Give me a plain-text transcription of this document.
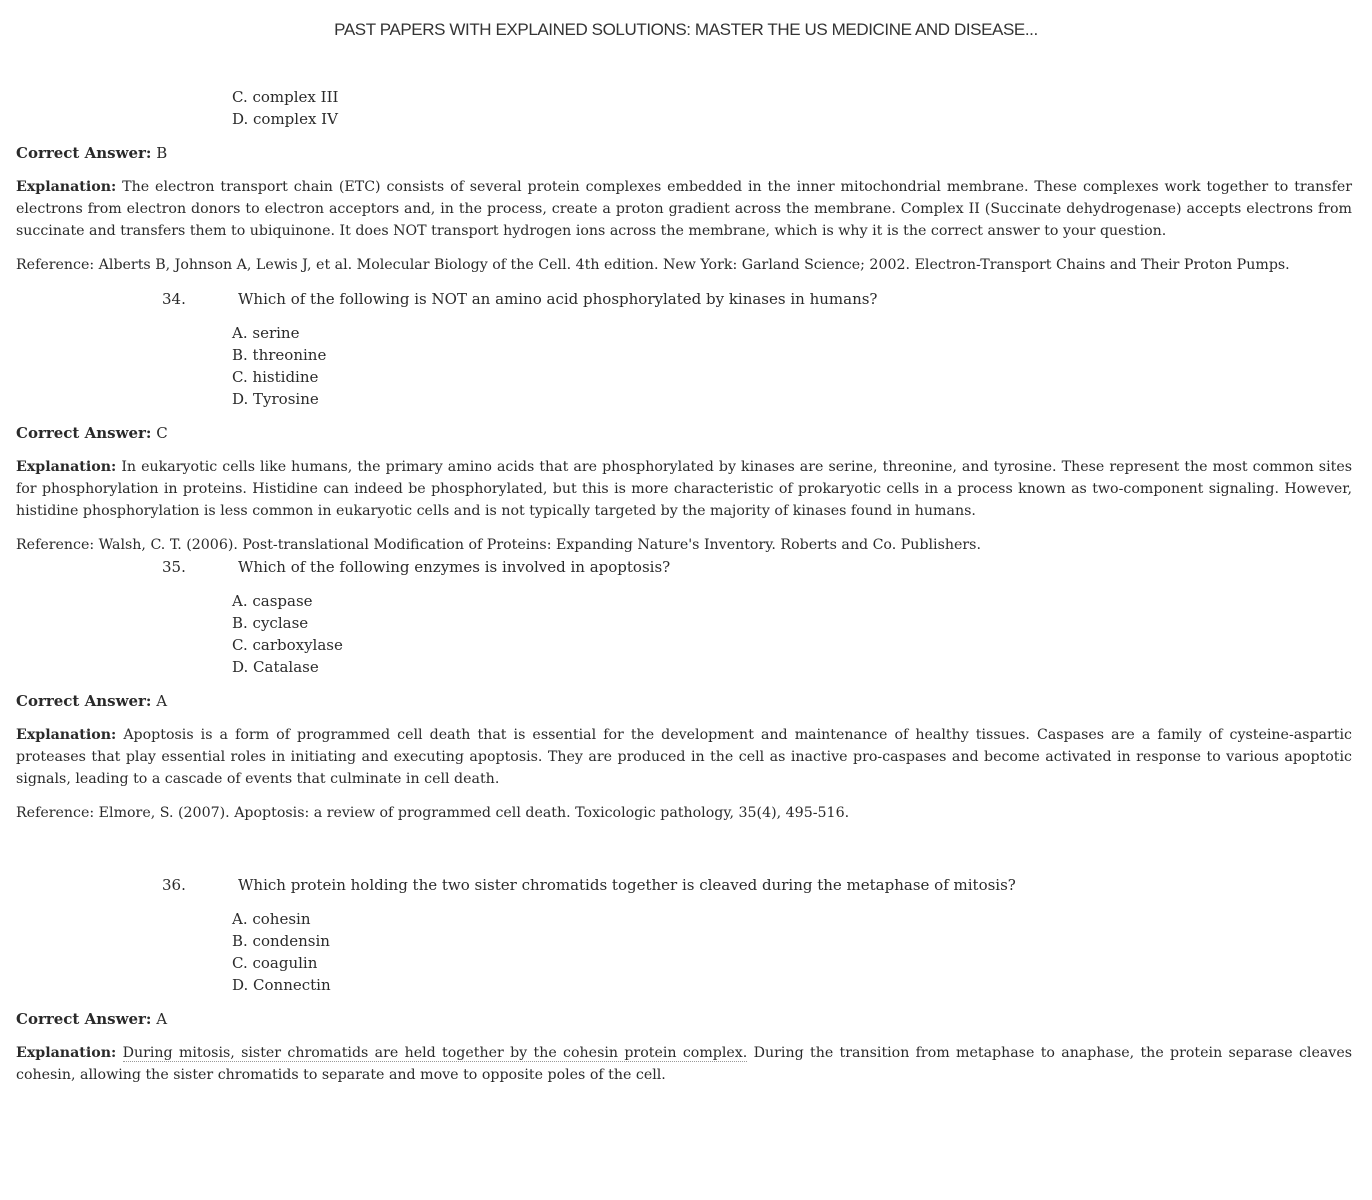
PAST PAPERS WITH EXPLAINED SOLUTIONS: MASTER THE US MEDICINE AND DISEASE...
C. complex III
D. complex IV
Correct Answer: B
Explanation: The electron transport chain (ETC) consists of several protein complexes embedded in the inner mitochondrial membrane. These complexes work together to transfer electrons from electron donors to electron acceptors and, in the process, create a proton gradient across the membrane. Complex II (Succinate dehydrogenase) accepts electrons from succinate and transfers them to ubiquinone. It does NOT transport hydrogen ions across the membrane, which is why it is the correct answer to your question.
Reference: Alberts B, Johnson A, Lewis J, et al. Molecular Biology of the Cell. 4th edition. New York: Garland Science; 2002. Electron-Transport Chains and Their Proton Pumps.
34.	Which of the following is NOT an amino acid phosphorylated by kinases in humans?
A. serine
B. threonine
C. histidine
D. Tyrosine
Correct Answer: C
Explanation: In eukaryotic cells like humans, the primary amino acids that are phosphorylated by kinases are serine, threonine, and tyrosine. These represent the most common sites for phosphorylation in proteins. Histidine can indeed be phosphorylated, but this is more characteristic of prokaryotic cells in a process known as two-component signaling. However, histidine phosphorylation is less common in eukaryotic cells and is not typically targeted by the majority of kinases found in humans.
Reference: Walsh, C. T. (2006). Post-translational Modification of Proteins: Expanding Nature's Inventory. Roberts and Co. Publishers.
35.	Which of the following enzymes is involved in apoptosis?
A. caspase
B. cyclase
C. carboxylase
D. Catalase
Correct Answer: A
Explanation: Apoptosis is a form of programmed cell death that is essential for the development and maintenance of healthy tissues. Caspases are a family of cysteine-aspartic proteases that play essential roles in initiating and executing apoptosis. They are produced in the cell as inactive pro-caspases and become activated in response to various apoptotic signals, leading to a cascade of events that culminate in cell death.
Reference: Elmore, S. (2007). Apoptosis: a review of programmed cell death. Toxicologic pathology, 35(4), 495-516.
36.	Which protein holding the two sister chromatids together is cleaved during the metaphase of mitosis?
A. cohesin
B. condensin
C. coagulin
D. Connectin
Correct Answer: A
Explanation: During mitosis, sister chromatids are held together by the cohesin protein complex. During the transition from metaphase to anaphase, the protein separase cleaves cohesin, allowing the sister chromatids to separate and move to opposite poles of the cell.
